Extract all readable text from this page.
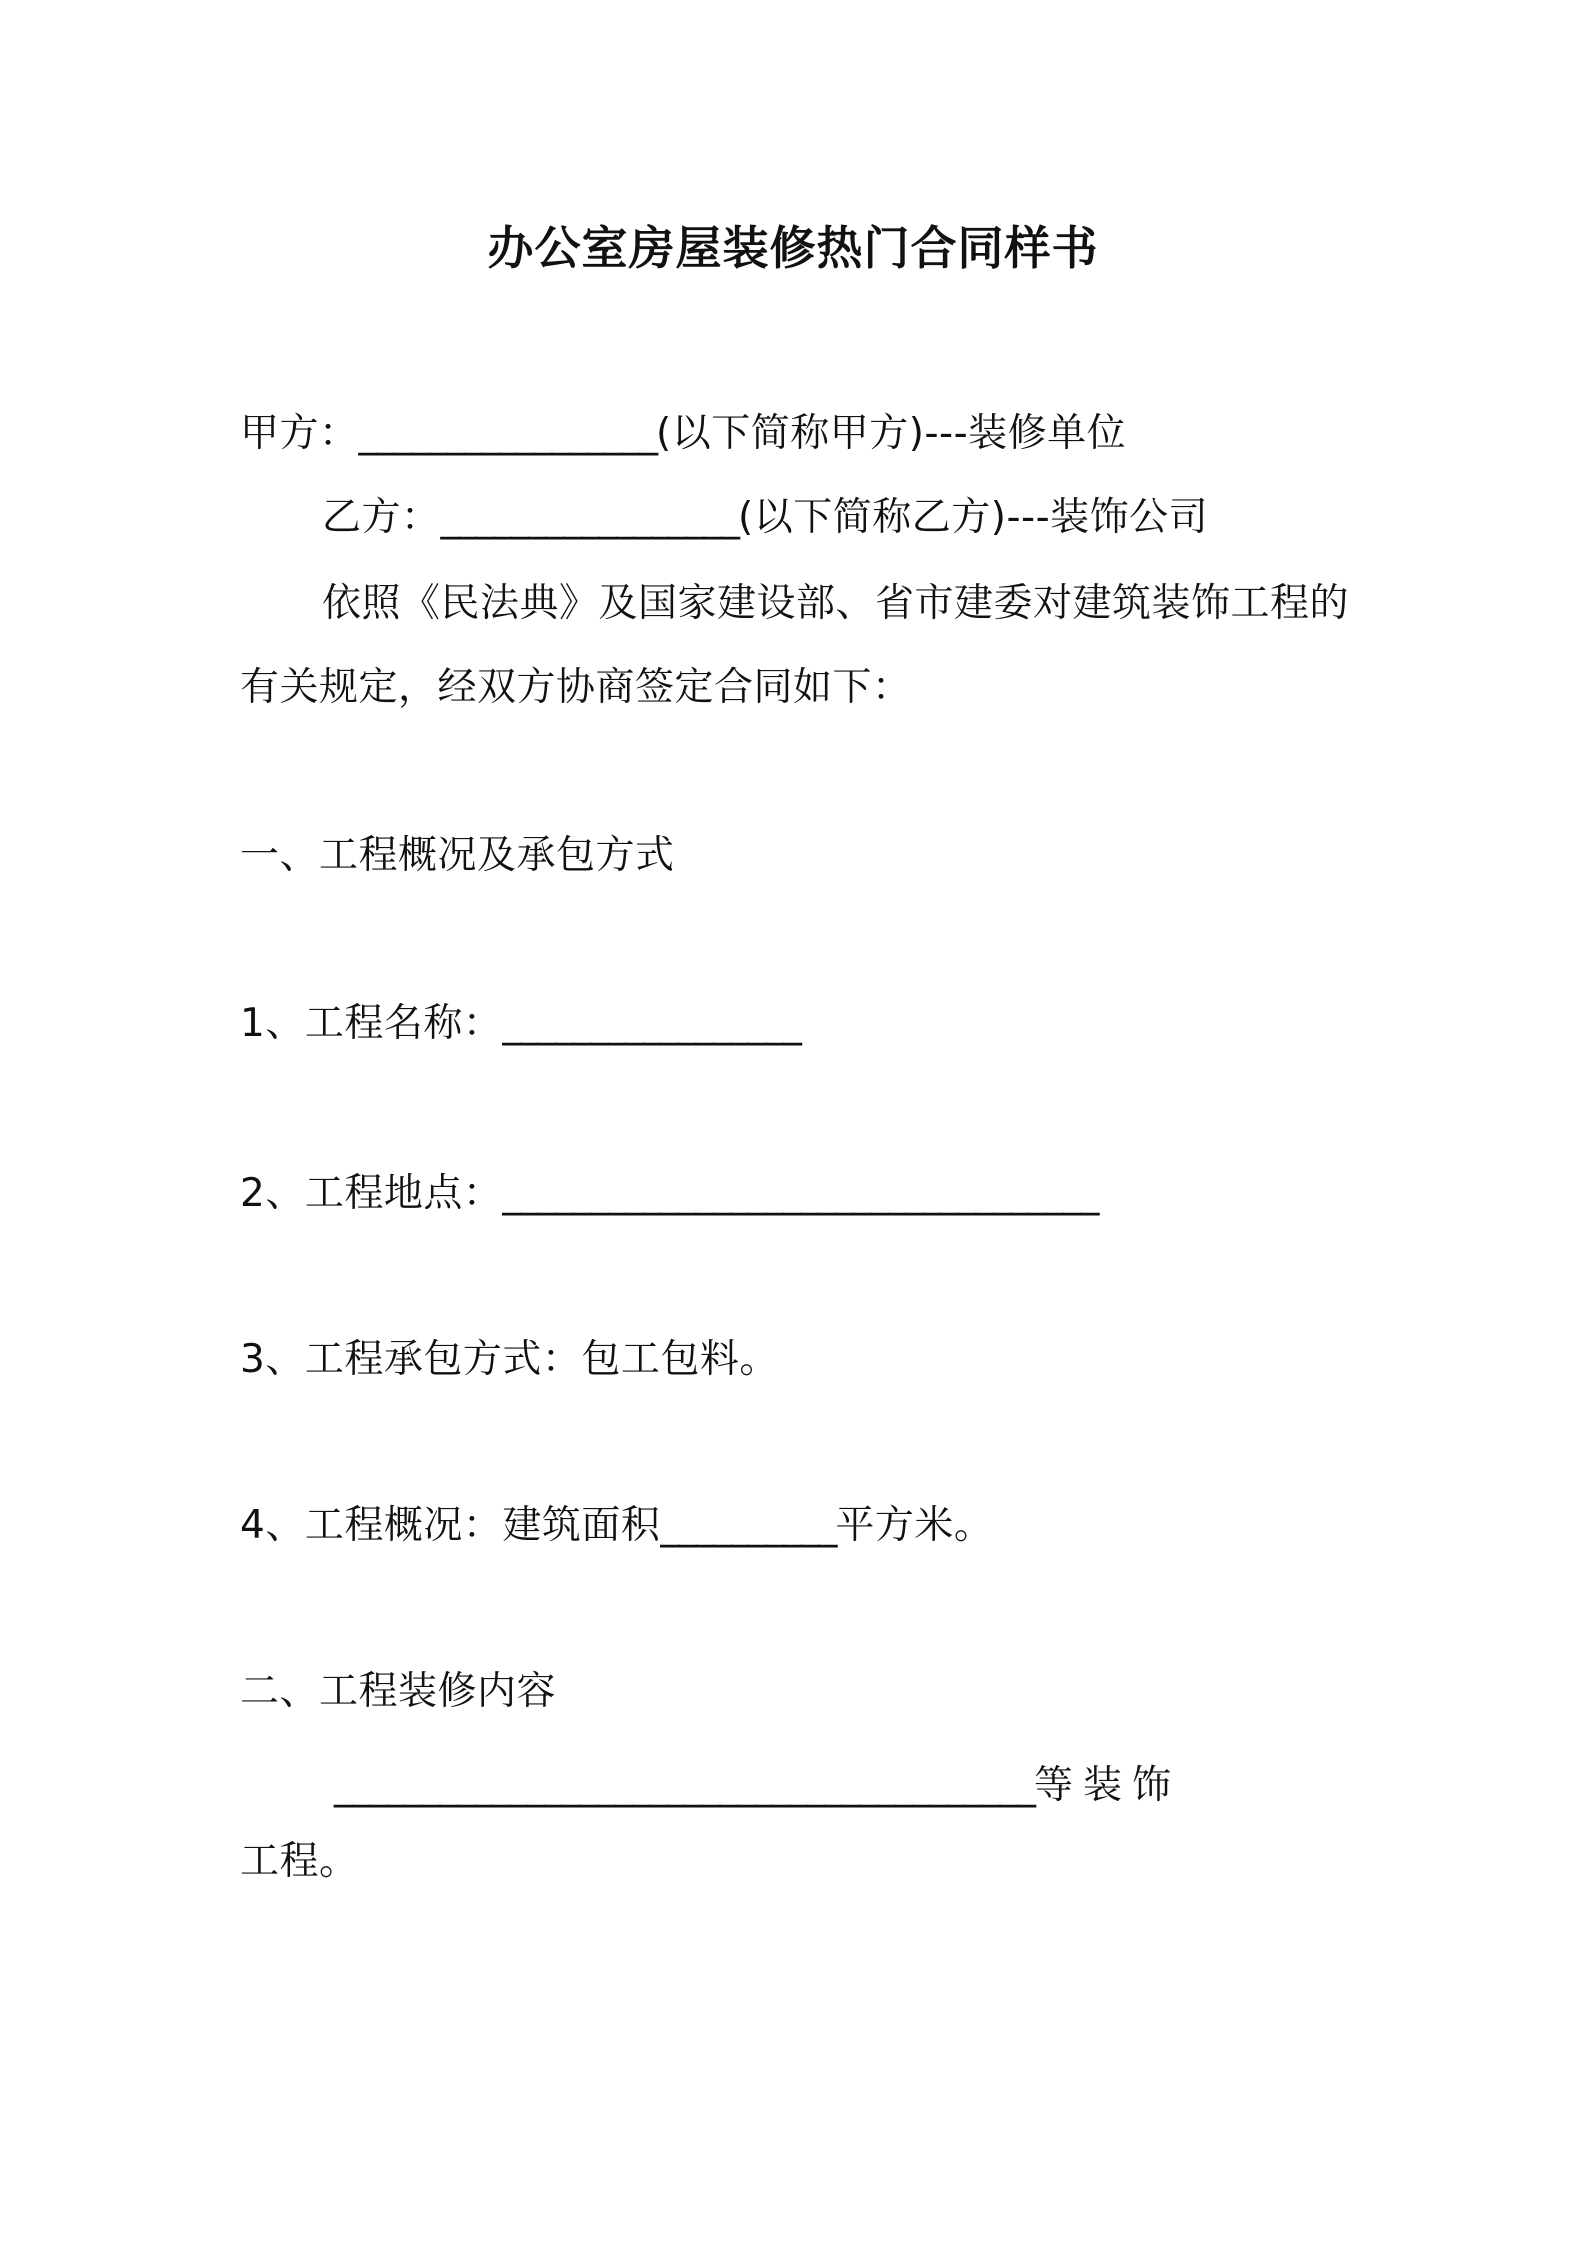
办公室房屋装修热门合同样书
甲方：_________________(以下简称甲方)---装修单位
乙方：_________________(以下简称乙方)---装饰公司
依照《民法典》及国家建设部、省市建委对建筑装饰工程的
有关规定，经双方协商签定合同如下：
一、工程概况及承包方式
1、工程名称：_________________
2、工程地点：__________________________________
3、工程承包方式：包工包料。
4、工程概况：建筑面积__________平方米。
二、工程装修内容
________________________________________等装饰
工程。
